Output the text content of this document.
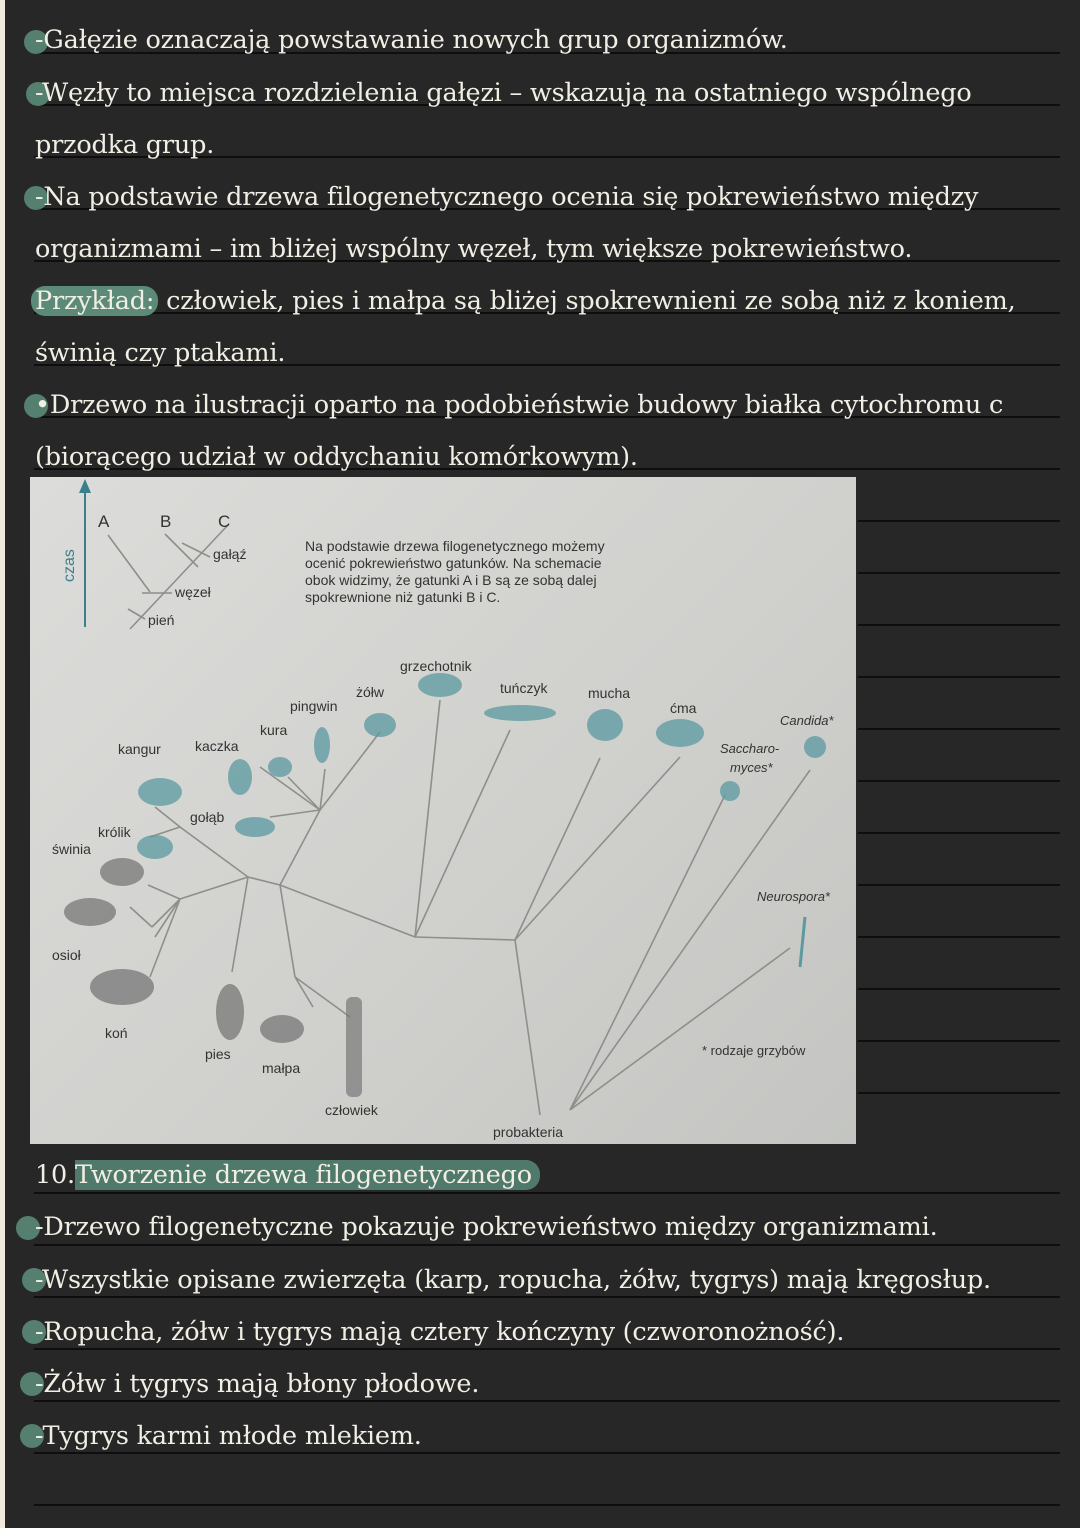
-Gałęzie oznaczają powstawanie nowych grup organizmów.
-Węzły to miejsca rozdzielenia gałęzi – wskazują na ostatniego wspólnego
przodka grup.
-Na podstawie drzewa filogenetycznego ocenia się pokrewieństwo między
organizmami – im bliżej wspólny węzeł, tym większe pokrewieństwo.
Przykład: człowiek, pies i małpa są bliżej spokrewnieni ze sobą niż z koniem,
świnią czy ptakami.
•Drzewo na ilustracji oparto na podobieństwie budowy białka cytochromu c
(biorącego udział w oddychaniu komórkowym).
czas
A	B	C
gałąź
węzeł
pień
Na podstawie drzewa filogenetycznego możemy
ocenić pokrewieństwo gatunków. Na schemacie
obok widzimy, że gatunki A i B są ze sobą dalej
spokrewnione niż gatunki B i C.
kangur kaczka
kura
pingwin
żółw
grzechotnik
tuńczyk	mucha
ćma
Candida*
Saccharo-
myces*
gołąb
królik
świnia
Neurospora*
osioł
koń
pies
małpa
człowiek
probakteria
* rodzaje grzybów
10.Tworzenie drzewa filogenetycznego
-Drzewo filogenetyczne pokazuje pokrewieństwo między organizmami.
-Wszystkie opisane zwierzęta (karp, ropucha, żółw, tygrys) mają kręgosłup.
-Ropucha, żółw i tygrys mają cztery kończyny (czworonożność).
-Żółw i tygrys mają błony płodowe.
-Tygrys karmi młode mlekiem.
